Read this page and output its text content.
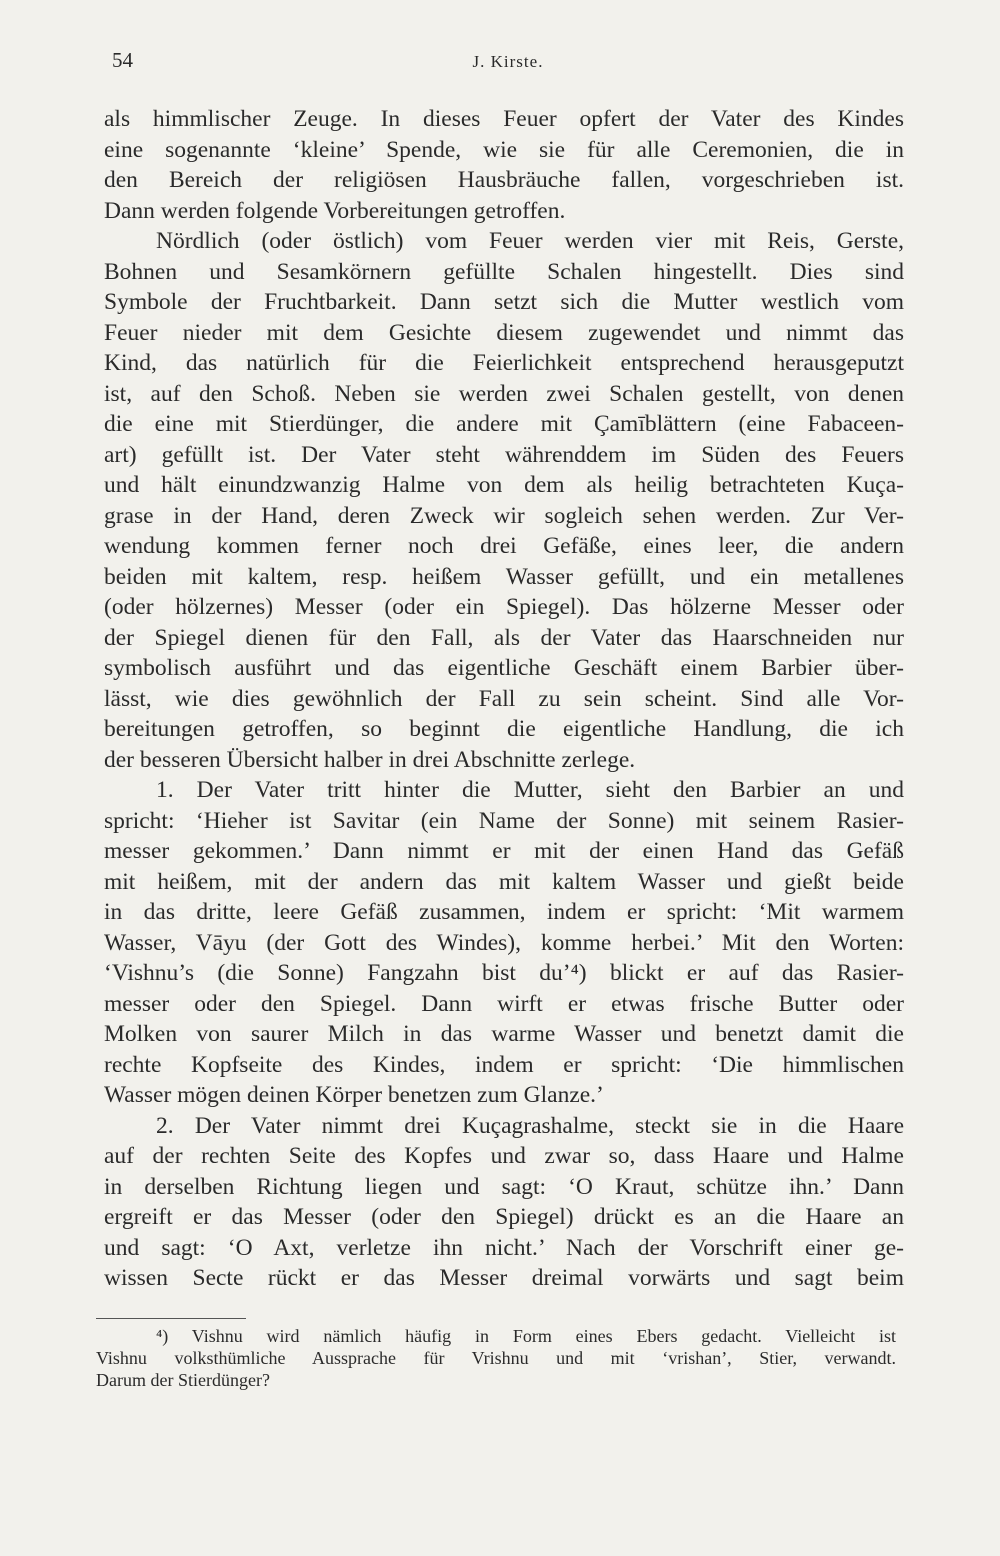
54	J. Kirste.
als himmlischer Zeuge. In dieses Feuer opfert der Vater des Kindes
eine sogenannte ‘kleine’ Spende, wie sie für alle Ceremonien, die in
den Bereich der religiösen Hausbräuche fallen, vorgeschrieben ist.
Dann werden folgende Vorbereitungen getroffen.
Nördlich (oder östlich) vom Feuer werden vier mit Reis, Gerste,
Bohnen und Sesamkörnern gefüllte Schalen hingestellt. Dies sind
Symbole der Fruchtbarkeit. Dann setzt sich die Mutter westlich vom
Feuer nieder mit dem Gesichte diesem zugewendet und nimmt das
Kind, das natürlich für die Feierlichkeit entsprechend herausgeputzt
ist, auf den Schoß. Neben sie werden zwei Schalen gestellt, von denen
die eine mit Stierdünger, die andere mit Çamīblättern (eine Fabaceen-
art) gefüllt ist. Der Vater steht währenddem im Süden des Feuers
und hält einundzwanzig Halme von dem als heilig betrachteten Kuça-
grase in der Hand, deren Zweck wir sogleich sehen werden. Zur Ver-
wendung kommen ferner noch drei Gefäße, eines leer, die andern
beiden mit kaltem, resp. heißem Wasser gefüllt, und ein metallenes
(oder hölzernes) Messer (oder ein Spiegel). Das hölzerne Messer oder
der Spiegel dienen für den Fall, als der Vater das Haarschneiden nur
symbolisch ausführt und das eigentliche Geschäft einem Barbier über-
lässt, wie dies gewöhnlich der Fall zu sein scheint. Sind alle Vor-
bereitungen getroffen, so beginnt die eigentliche Handlung, die ich
der besseren Übersicht halber in drei Abschnitte zerlege.
1. Der Vater tritt hinter die Mutter, sieht den Barbier an und
spricht: ‘Hieher ist Savitar (ein Name der Sonne) mit seinem Rasier-
messer gekommen.’ Dann nimmt er mit der einen Hand das Gefäß
mit heißem, mit der andern das mit kaltem Wasser und gießt beide
in das dritte, leere Gefäß zusammen, indem er spricht: ‘Mit warmem
Wasser, Vāyu (der Gott des Windes), komme herbei.’ Mit den Worten:
‘Vishnu’s (die Sonne) Fangzahn bist du’⁴) blickt er auf das Rasier-
messer oder den Spiegel. Dann wirft er etwas frische Butter oder
Molken von saurer Milch in das warme Wasser und benetzt damit die
rechte Kopfseite des Kindes, indem er spricht: ‘Die himmlischen
Wasser mögen deinen Körper benetzen zum Glanze.’
2. Der Vater nimmt drei Kuçagrashalme, steckt sie in die Haare
auf der rechten Seite des Kopfes und zwar so, dass Haare und Halme
in derselben Richtung liegen und sagt: ‘O Kraut, schütze ihn.’ Dann
ergreift er das Messer (oder den Spiegel) drückt es an die Haare an
und sagt: ‘O Axt, verletze ihn nicht.’ Nach der Vorschrift einer ge-
wissen Secte rückt er das Messer dreimal vorwärts und sagt beim
⁴) Vishnu wird nämlich häufig in Form eines Ebers gedacht. Vielleicht ist
Vishnu volksthümliche Aussprache für Vrishnu und mit ‘vrishan’, Stier, verwandt.
Darum der Stierdünger?
